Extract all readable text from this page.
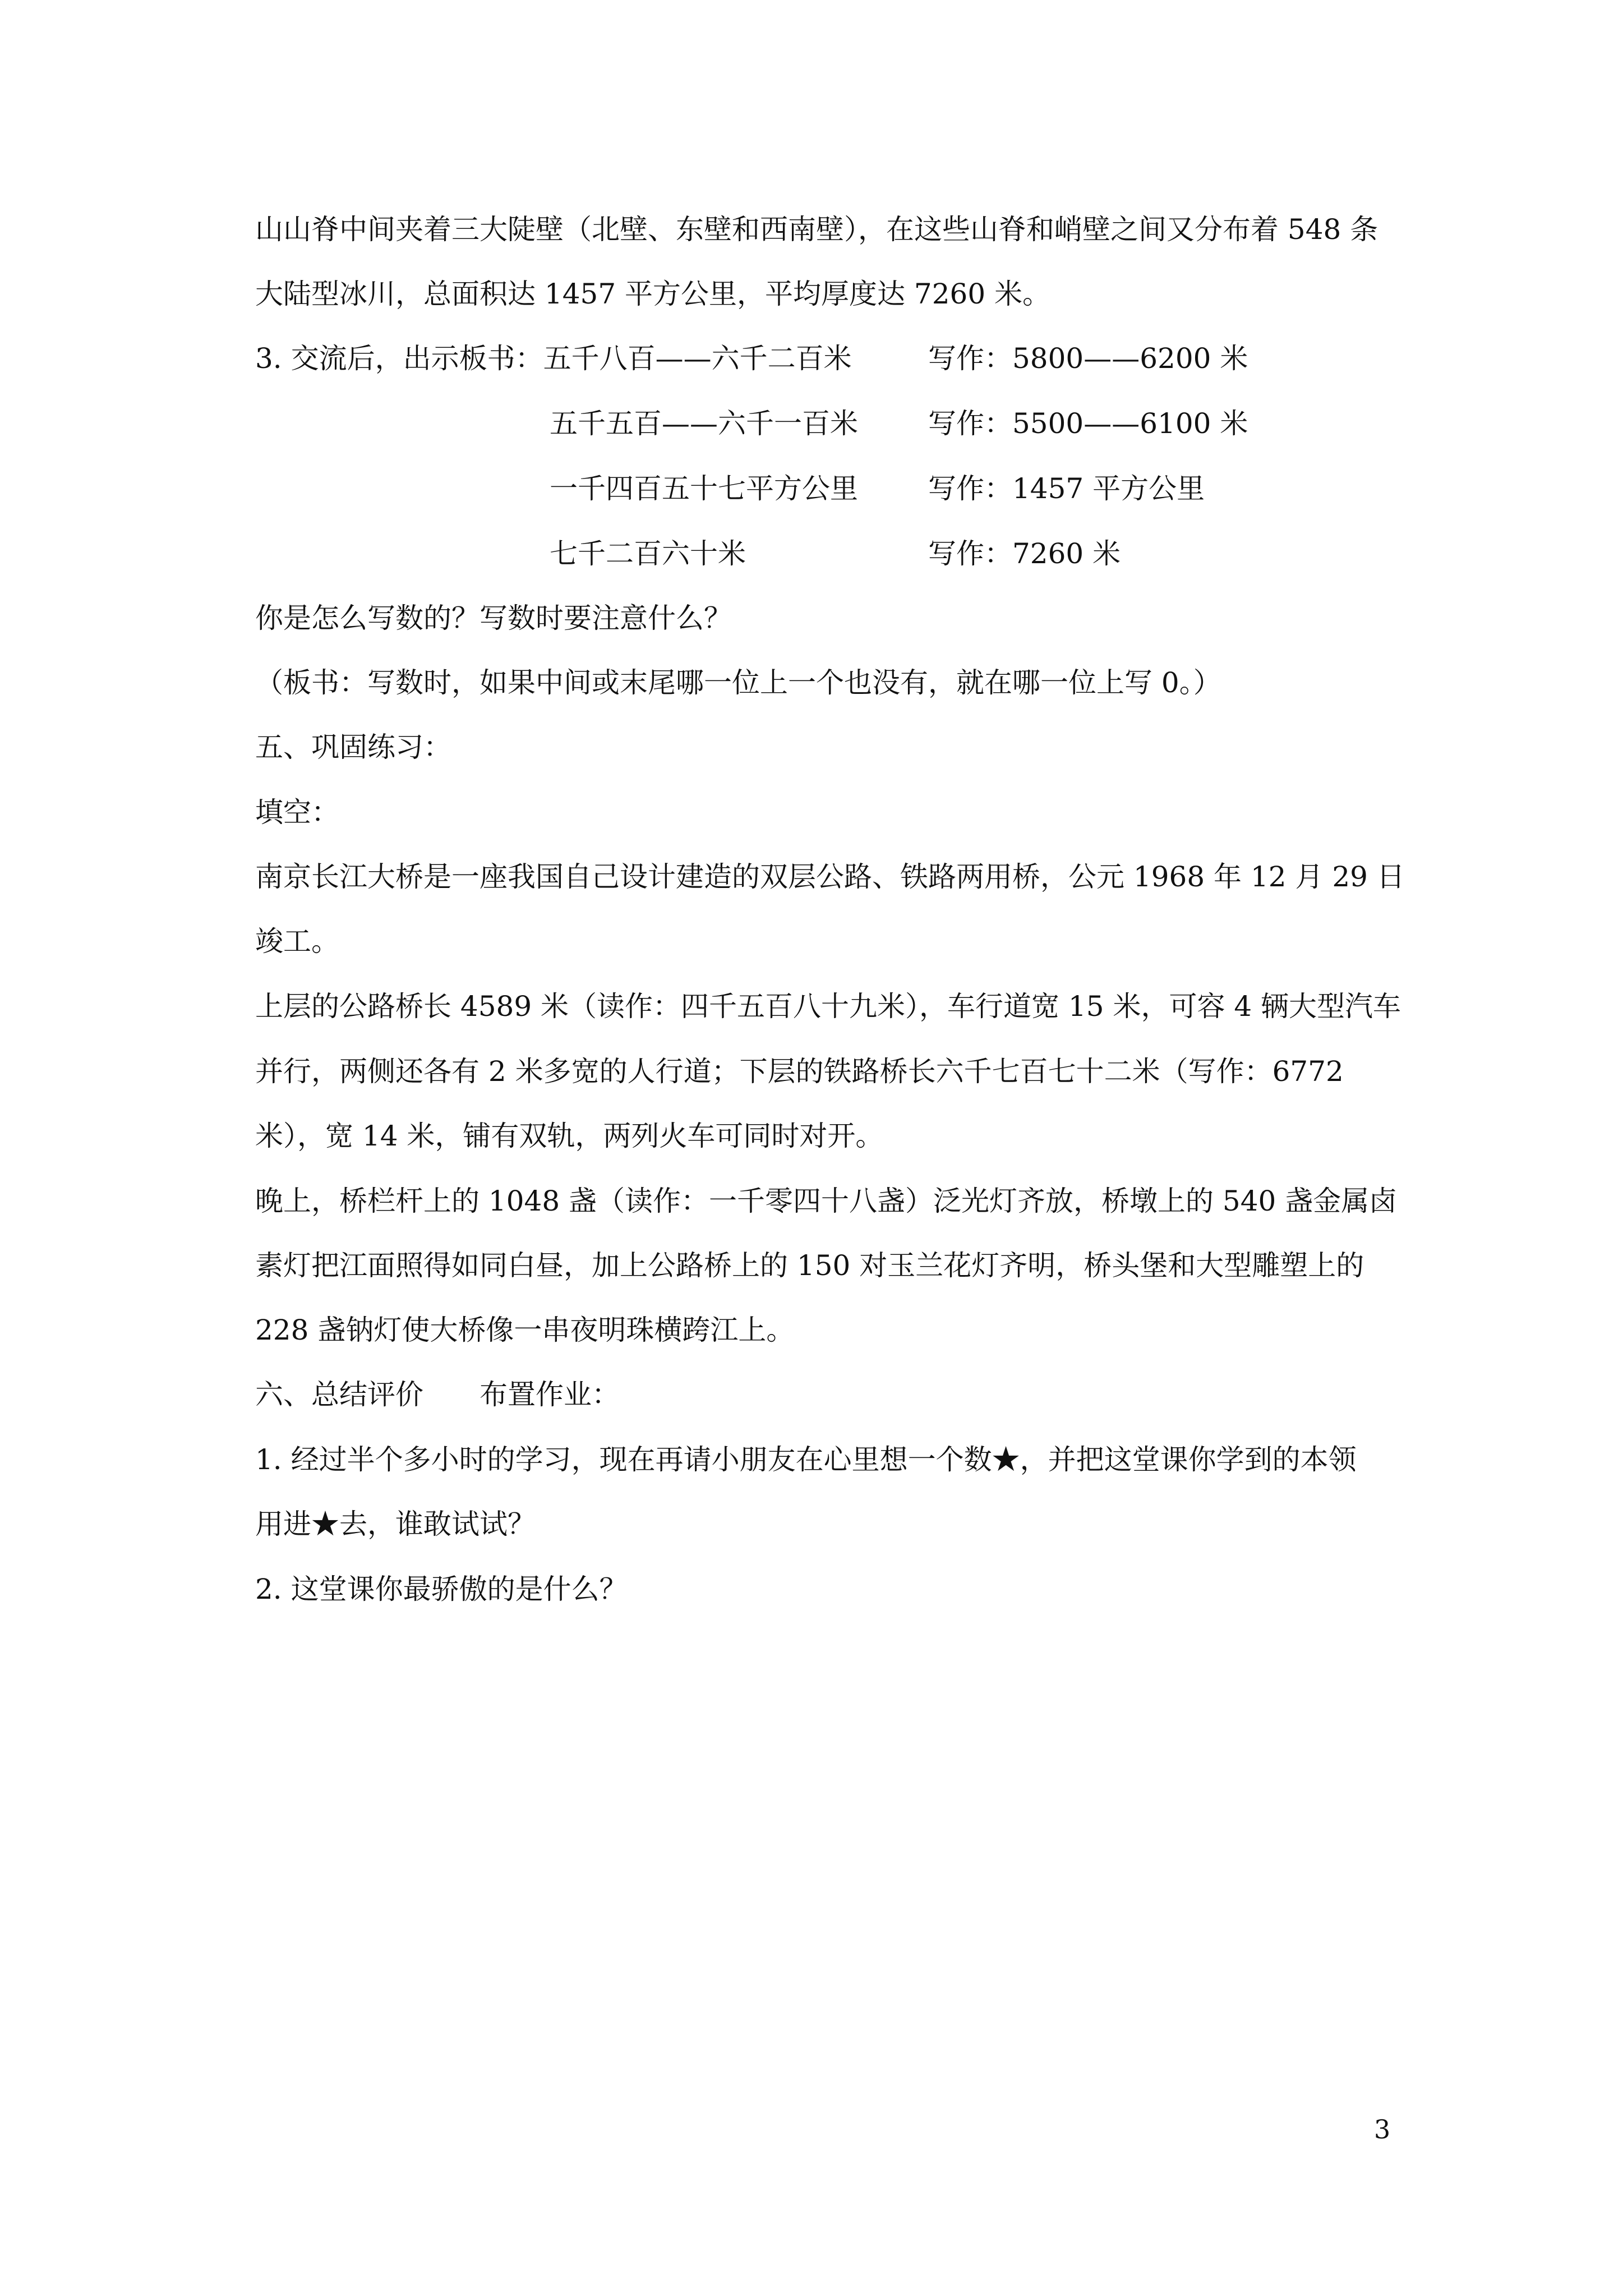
山山脊中间夹着三大陡壁（北壁、东壁和西南壁），在这些山脊和峭壁之间又分布着 548 条
大陆型冰川，总面积达 1457 平方公里，平均厚度达 7260 米。
3. 交流后，出示板书：五千八百——六千二百米	写作：5800——6200 米
五千五百——六千一百米	写作：5500——6100 米
一千四百五十七平方公里	写作：1457 平方公里
七千二百六十米	写作：7260 米
你是怎么写数的？写数时要注意什么？
（板书：写数时，如果中间或末尾哪一位上一个也没有，就在哪一位上写 0。）
五、巩固练习：
填空：
南京长江大桥是一座我国自己设计建造的双层公路、铁路两用桥，公元 1968 年 12 月 29 日
竣工。
上层的公路桥长 4589 米（读作：四千五百八十九米），车行道宽 15 米，可容 4 辆大型汽车
并行，两侧还各有 2 米多宽的人行道；下层的铁路桥长六千七百七十二米（写作：6772
米），宽 14 米，铺有双轨，两列火车可同时对开。
晚上，桥栏杆上的 1048 盏（读作：一千零四十八盏）泛光灯齐放，桥墩上的 540 盏金属卤
素灯把江面照得如同白昼，加上公路桥上的 150 对玉兰花灯齐明，桥头堡和大型雕塑上的
228 盏钠灯使大桥像一串夜明珠横跨江上。
六、总结评价　　布置作业：
1. 经过半个多小时的学习，现在再请小朋友在心里想一个数★，并把这堂课你学到的本领
用进★去，谁敢试试？
2. 这堂课你最骄傲的是什么？
3
